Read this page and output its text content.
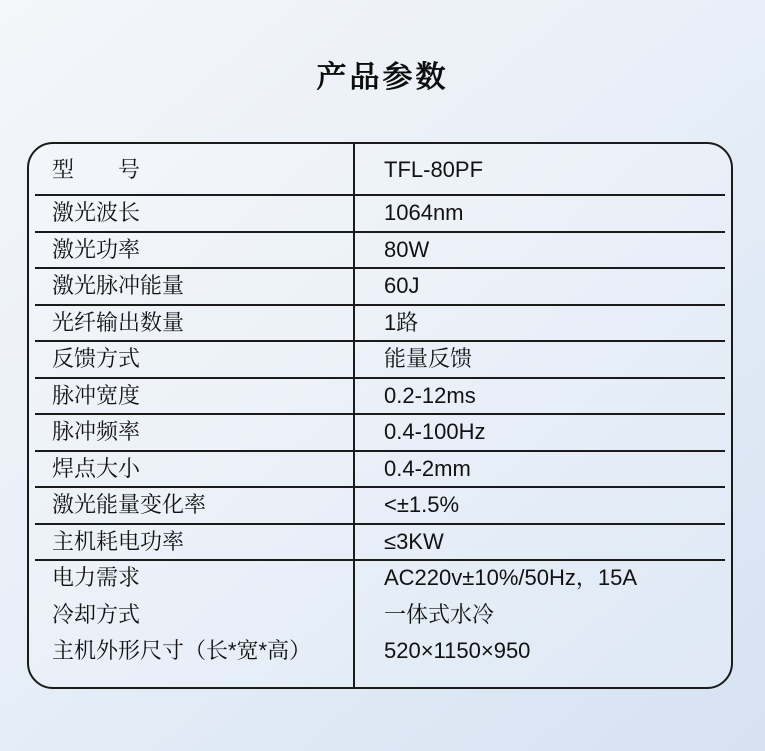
产品参数
型　　号	TFL-80PF
激光波长	1064nm
激光功率	80W
激光脉冲能量	60J
光纤输出数量	1路
反馈方式	能量反馈
脉冲宽度	0.2-12ms
脉冲频率	0.4-100Hz
焊点大小	0.4-2mm
激光能量变化率	<±1.5%
主机耗电功率	≤3KW
电力需求	AC220v±10%/50Hz，15A
冷却方式	一体式水冷
主机外形尺寸（长*宽*高）	520×1150×950
